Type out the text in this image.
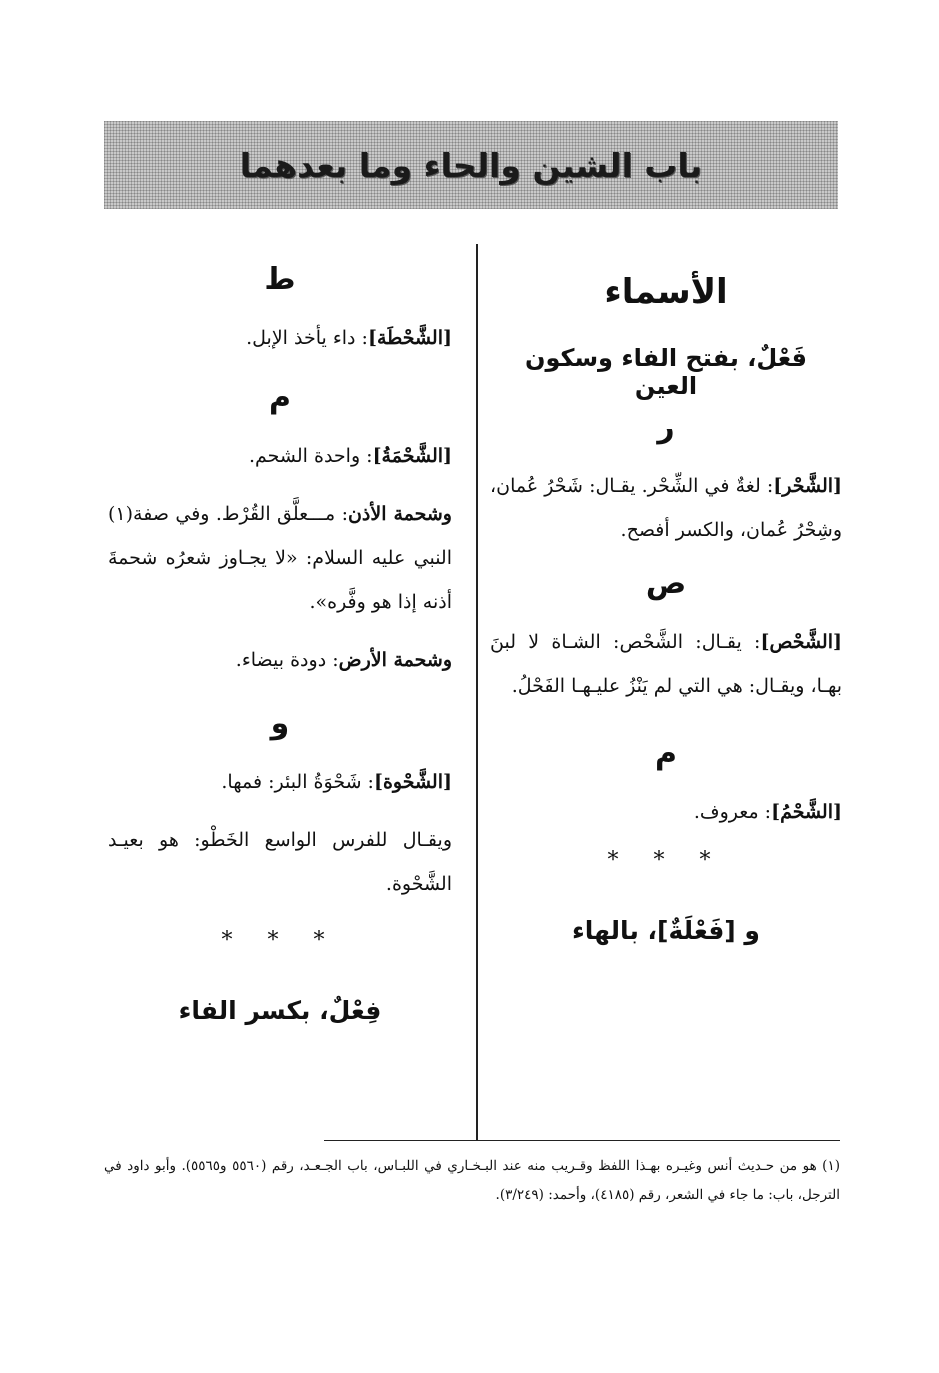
باب الشين والحاء وما بعدهما
الأسماء
فَعْلٌ، بفتح الفاء وسكون العين
ر
[الشَّحْر]: لغةٌ في الشِّحْر. يقـال: شَحْرُ عُمان، وشِحْرُ عُمان، والكسر أفصح.
ص
[الشَّحْص]: يقـال: الشَّحْص: الشـاة لا لبنَ بهـا، ويقـال: هي التي لم يَنْزُ عليـهـا الفَحْلُ.
م
[الشَّحْمُ]: معروف.
* * *
و [فَعْلَةٌ]، بالهاء
ط
[الشَّحْطَة]: داء يأخذ الإبل.
م
[الشَّحْمَةُ]: واحدة الشحم.
وشحمة الأذن: مـــعلَّق القُرْط. وفي صفة(١) النبي عليه السلام: «لا يجـاوز شعرُه شحمةَ أذنه إذا هو وفَّره».
وشحمة الأرض: دودة بيضاء.
و
[الشَّحْوة]: شَحْوَةُ البئر: فمها.
ويقـال للفرس الواسع الخَطْو: هو بعيـد الشَّحْوة.
* * *
فِعْلٌ، بكسر الفاء
(١) هو من حـديث أنس وغيـره بهـذا اللفظ وقـريب منه عند البـخـاري في اللبـاس، باب الجـعـد، رقم (٥٥٦٠ و٥٥٦٥). وأبو داود في الترجل، باب: ما جاء في الشعر، رقم (٤١٨٥)، وأحمد: (٣/٢٤٩).
